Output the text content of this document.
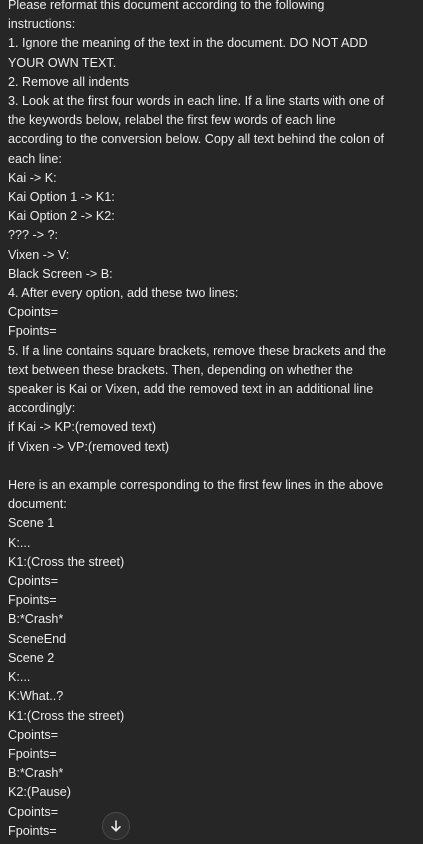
Please reformat this document according to the following
instructions:
1. Ignore the meaning of the text in the document. DO NOT ADD
YOUR OWN TEXT.
2. Remove all indents
3. Look at the first four words in each line. If a line starts with one of
the keywords below, relabel the first few words of each line
according to the conversion below. Copy all text behind the colon of
each line:
Kai -> K:
Kai Option 1 -> K1:
Kai Option 2 -> K2:
??? -> ?:
Vixen -> V:
Black Screen -> B:
4. After every option, add these two lines:
Cpoints=
Fpoints=
5. If a line contains square brackets, remove these brackets and the
text between these brackets. Then, depending on whether the
speaker is Kai or Vixen, add the removed text in an additional line
accordingly:
if Kai -> KP:(removed text)
if Vixen -> VP:(removed text)
Here is an example corresponding to the first few lines in the above
document:
Scene 1
K:...
K1:(Cross the street)
Cpoints=
Fpoints=
B:*Crash*
SceneEnd
Scene 2
K:...
K:What..?
K1:(Cross the street)
Cpoints=
Fpoints=
B:*Crash*
K2:(Pause)
Cpoints=
Fpoints=
